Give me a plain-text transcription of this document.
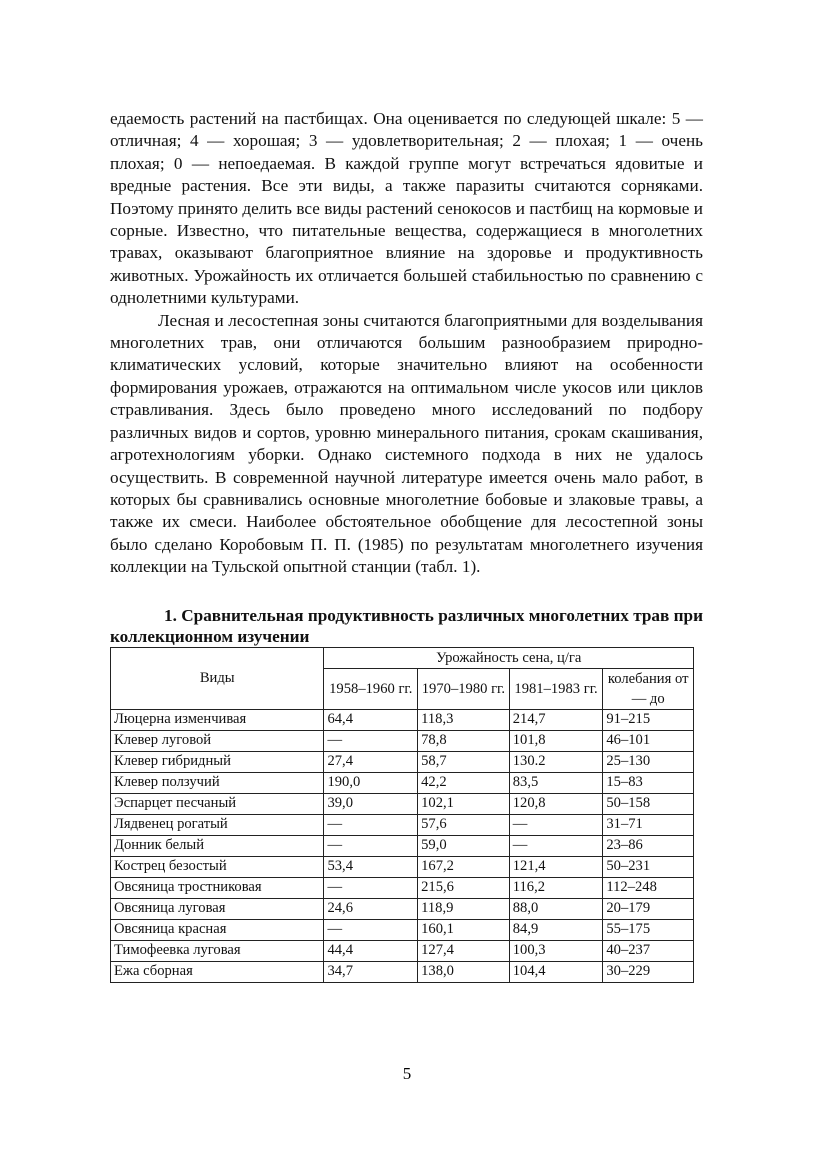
едаемость растений на пастбищах. Она оценивается по следующей шкале: 5 — отличная; 4 — хорошая; 3 — удовлетворительная; 2 — плохая; 1 — очень плохая; 0 — непоедаемая. В каждой группе могут встречаться ядовитые и вредные растения. Все эти виды, а также паразиты считаются сорняками. Поэтому принято делить все виды растений сенокосов и пастбищ на кормовые и сорные. Известно, что питательные вещества, содержащиеся в многолетних травах, оказывают благоприятное влияние на здоровье и продуктивность животных. Урожайность их отличается большей стабильностью по сравнению с однолетними культурами.

Лесная и лесостепная зоны считаются благоприятными для возделывания многолетних трав, они отличаются большим разнообразием природно-климатических условий, которые значительно влияют на особенности формирования урожаев, отражаются на оптимальном числе укосов или циклов стравливания. Здесь было проведено много исследований по подбору различных видов и сортов, уровню минерального питания, срокам скашивания, агротехнологиям уборки. Однако системного подхода в них не удалось осуществить. В современной научной литературе имеется очень мало работ, в которых бы сравнивались основные многолетние бобовые и злаковые травы, а также их смеси. Наиболее обстоятельное обобщение для лесостепной зоны было сделано Коробовым П. П. (1985) по результатам многолетнего изучения коллекции на Тульской опытной станции (табл. 1).

1. Сравнительная продуктивность различных многолетних трав при коллекционном изучении

Виды	Урожайность сена, ц/га			
	1958–1960 гг.	1970–1980 гг.	1981–1983 гг.	колебания от — до
Люцерна изменчивая	64,4	118,3	214,7	91–215
Клевер луговой	—	78,8	101,8	46–101
Клевер гибридный	27,4	58,7	130.2	25–130
Клевер ползучий	190,0	42,2	83,5	15–83
Эспарцет песчаный	39,0	102,1	120,8	50–158
Лядвенец рогатый	—	57,6	—	31–71
Донник белый	—	59,0	—	23–86
Кострец безостый	53,4	167,2	121,4	50–231
Овсяница тростниковая	—	215,6	116,2	112–248
Овсяница луговая	24,6	118,9	88,0	20–179
Овсяница красная	—	160,1	84,9	55–175
Тимофеевка луговая	44,4	127,4	100,3	40–237
Ежа сборная	34,7	138,0	104,4	30–229
5
